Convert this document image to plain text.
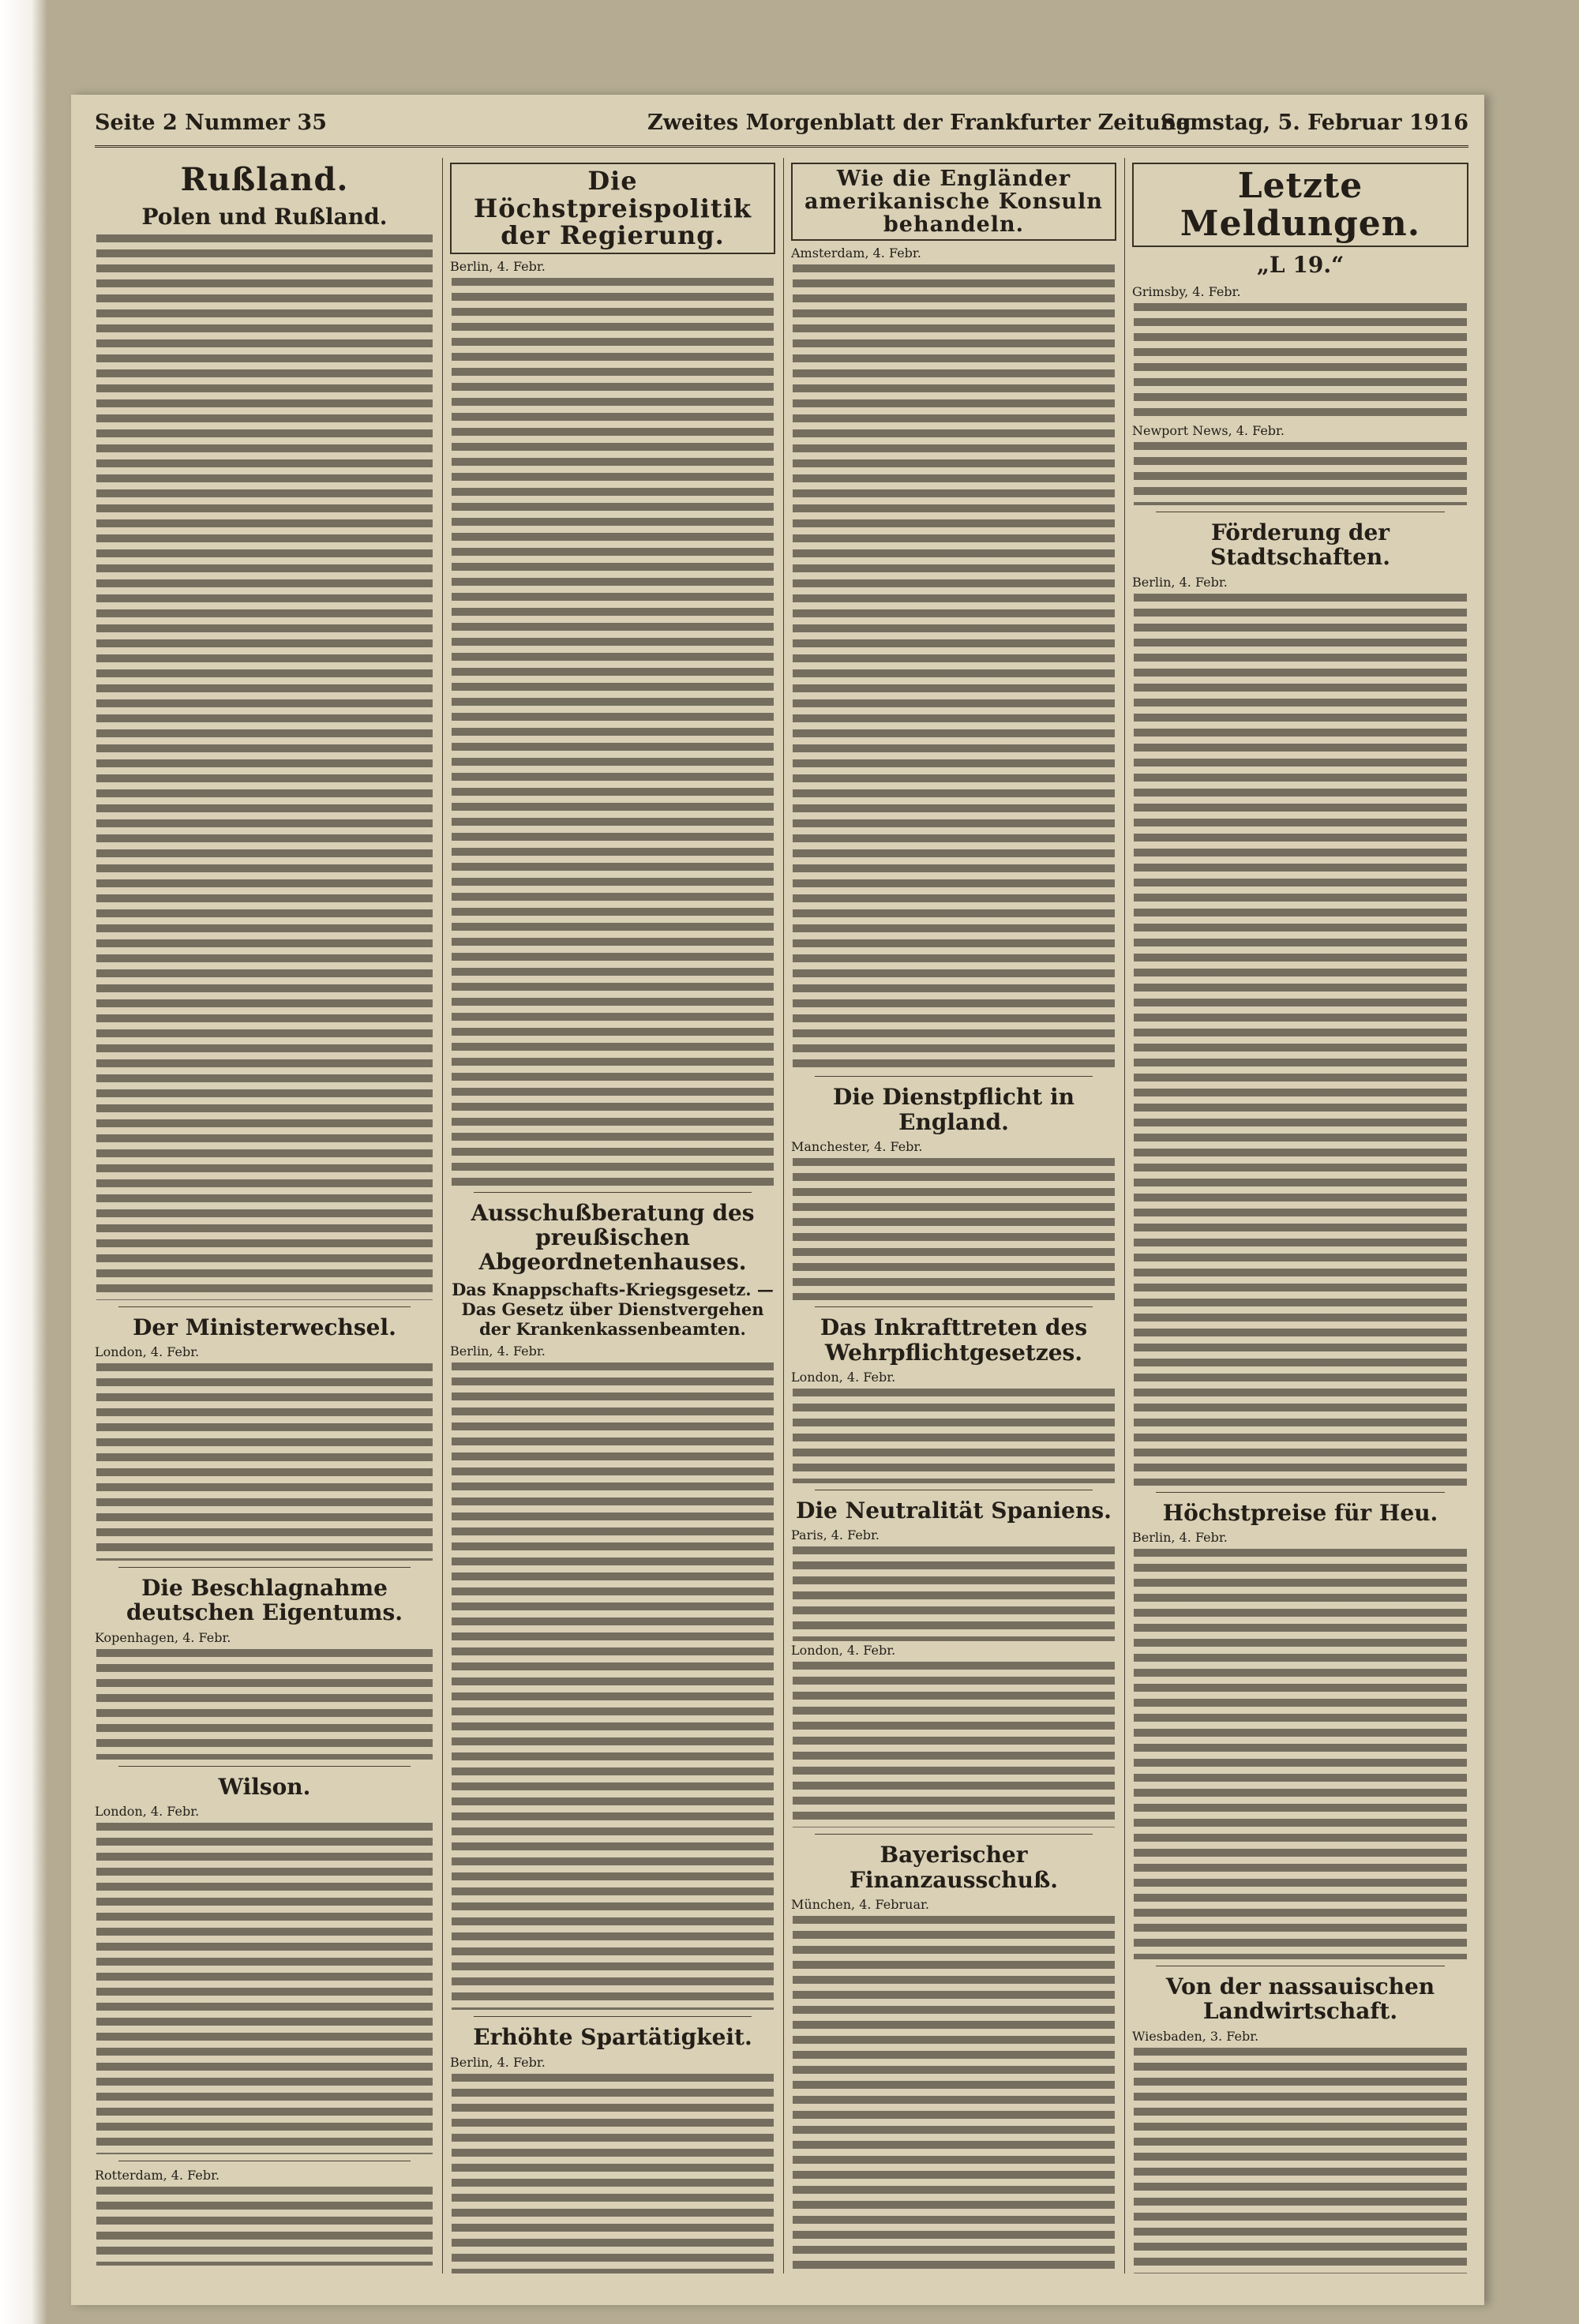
Seite 2 Nummer 35	Zweites Morgenblatt der Frankfurter Zeitung
Samstag, 5. Februar 1916
Rußland.
Polen und Rußland.
Der Ministerwechsel.
London, 4. Febr.
Die Beschlagnahme deutschen Eigentums.
Kopenhagen, 4. Febr.
Wilson.
London, 4. Febr.
Rotterdam, 4. Febr.
Die Höchstpreispolitik der Regierung.
Berlin, 4. Febr.
Ausschußberatung des preußischen Abgeordnetenhauses.
Das Knappschafts-Kriegsgesetz. — Das Gesetz über Dienstvergehen der Krankenkassenbeamten.
Berlin, 4. Febr.
Erhöhte Spartätigkeit.
Berlin, 4. Febr.
Wie die Engländer amerikanische Konsuln behandeln.
Amsterdam, 4. Febr.
Die Dienstpflicht in England.
Manchester, 4. Febr.
Das Inkrafttreten des Wehrpflichtgesetzes.
London, 4. Febr.
Die Neutralität Spaniens.
Paris, 4. Febr.
London, 4. Febr.
Bayerischer Finanzausschuß.
München, 4. Februar.
Letzte Meldungen.
„L 19.“
Grimsby, 4. Febr.
Newport News, 4. Febr.
Förderung der Stadtschaften.
Berlin, 4. Febr.
Höchstpreise für Heu.
Berlin, 4. Febr.
Von der nassauischen Landwirtschaft.
Wiesbaden, 3. Febr.
